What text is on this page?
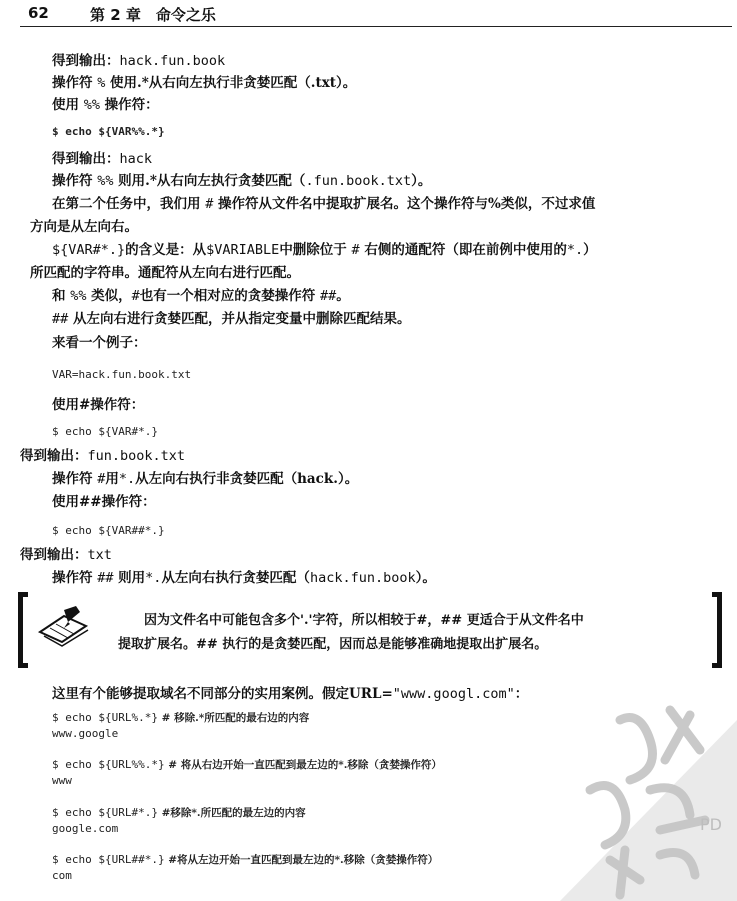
62	第 2 章　命令之乐
得到输出：hack.fun.book
操作符 % 使用.*从右向左执行非贪婪匹配（.txt）。
使用 %% 操作符：
$ echo ${VAR%%.*}
得到输出：hack
操作符 %% 则用.*从右向左执行贪婪匹配（.fun.book.txt）。
在第二个任务中，我们用 # 操作符从文件名中提取扩展名。这个操作符与%类似，不过求值
方向是从左向右。
${VAR#*.}的含义是：从$VARIABLE中删除位于 # 右侧的通配符（即在前例中使用的*.）
所匹配的字符串。通配符从左向右进行匹配。
和 %% 类似，#也有一个相对应的贪婪操作符 ##。
## 从左向右进行贪婪匹配，并从指定变量中删除匹配结果。
来看一个例子：
VAR=hack.fun.book.txt
使用#操作符：
$ echo ${VAR#*.}
得到输出：fun.book.txt
操作符 #用*.从左向右执行非贪婪匹配（hack.）。
使用##操作符：
$ echo ${VAR##*.}
得到输出：txt
操作符 ## 则用*.从左向右执行贪婪匹配（hack.fun.book）。
因为文件名中可能包含多个'.'字符，所以相较于#，## 更适合于从文件名中
提取扩展名。## 执行的是贪婪匹配，因而总是能够准确地提取出扩展名。
这里有个能够提取域名不同部分的实用案例。假定URL="www.googl.com"：
$ echo ${URL%.*} # 移除.*所匹配的最右边的内容
www.google
$ echo ${URL%%.*} # 将从右边开始一直匹配到最左边的*.移除（贪婪操作符）
www
$ echo ${URL#*.} #移除*.所匹配的最左边的内容
google.com
$ echo ${URL##*.} #将从左边开始一直匹配到最左边的*.移除（贪婪操作符）
com
PD
